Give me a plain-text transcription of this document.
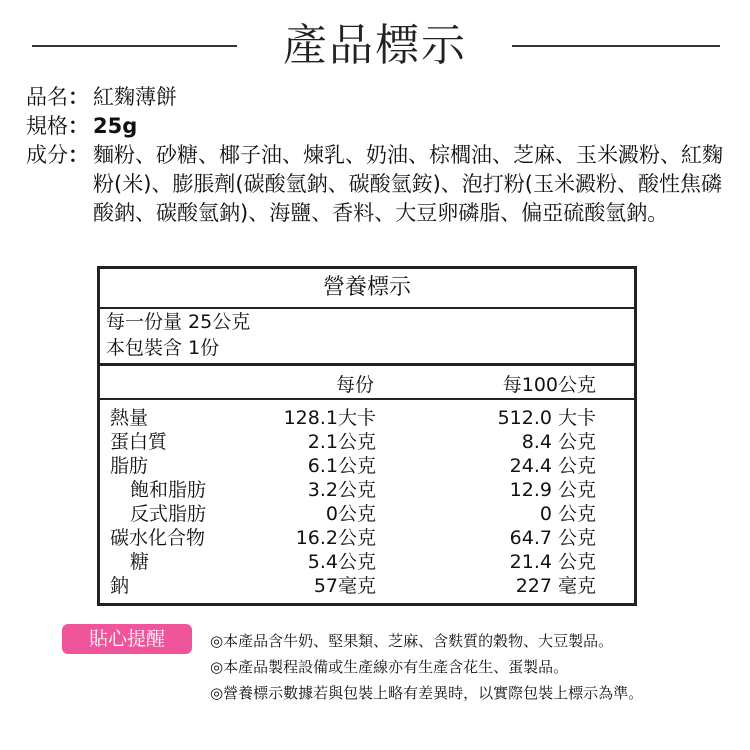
產品標示
品名 ： 紅麴薄餅
規格 ： 25g
成分 ： 麵粉、砂糖、椰子油、煉乳、奶油、棕櫚油、芝麻、玉米澱粉、紅麴粉(米)、膨脹劑(碳酸氫鈉、碳酸氫銨)、泡打粉(玉米澱粉、酸性焦磷酸鈉、碳酸氫鈉)、海鹽、香料、大豆卵磷脂、偏亞硫酸氫鈉。
營養標示
每一份量 25公克
本包裝含 1份
每份	每100公克
熱量	128.1大卡	512.0 大卡
蛋白質	2.1公克	8.4 公克
脂肪	6.1公克	24.4 公克
飽和脂肪	3.2公克	12.9 公克
反式脂肪	0公克	0 公克
碳水化合物	16.2公克	64.7 公克
糖	5.4公克	21.4 公克
鈉	57毫克	227 毫克
貼心提醒	◎本產品含牛奶、堅果類、芝麻、含麩質的穀物、大豆製品。
◎本產品製程設備或生產線亦有生產含花生、蛋製品。
◎營養標示數據若與包裝上略有差異時，以實際包裝上標示為準。
